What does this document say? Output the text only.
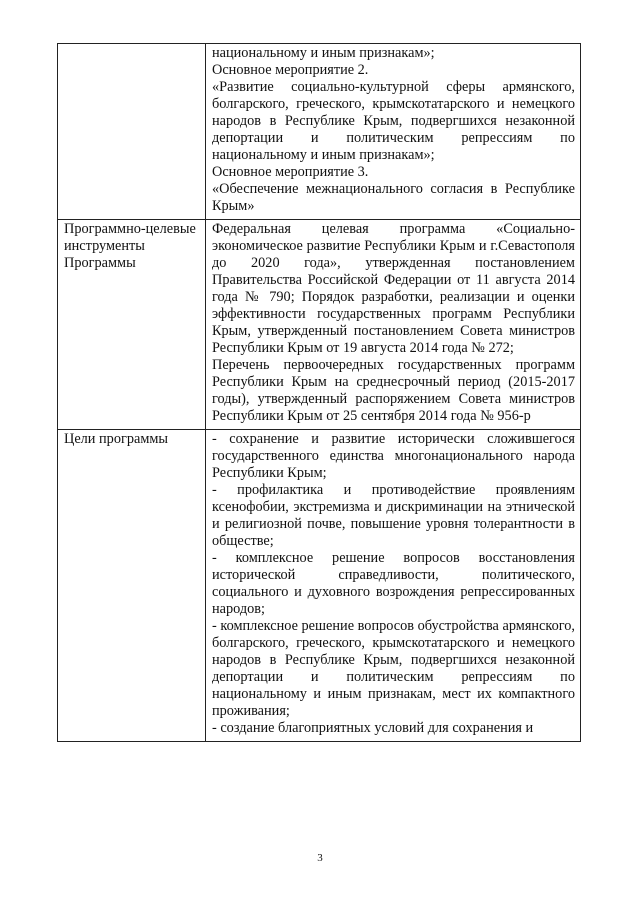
	национальному и иным признакам»;

Основное мероприятие 2.

«Развитие социально-культурной сферы армянского, болгарского, греческого, крымскотатарского и немецкого народов в Республике Крым, подвергшихся незаконной депортации и политическим репрессиям по национальному и иным признакам»;

Основное мероприятие 3.

«Обеспечение межнационального согласия в Республике Крым»

Программно-целевые инструменты Программы	Федеральная целевая программа «Социально-экономическое развитие Республики Крым и г.Севастополя до 2020 года», утвержденная постановлением Правительства Российской Федерации от 11 августа 2014 года № 790; Порядок разработки, реализации и оценки эффективности государственных программ Республики Крым, утвержденный постановлением Совета министров Республики Крым от 19 августа 2014 года № 272;

Перечень первоочередных государственных программ Республики Крым на среднесрочный период (2015-2017 годы), утвержденный распоряжением Совета министров Республики Крым от 25 сентября 2014 года № 956-р

Цели программы	- сохранение и развитие исторически сложившегося государственного единства многонационального народа Республики Крым;

- профилактика и противодействие проявлениям ксенофобии, экстремизма и дискриминации на этнической и религиозной почве, повышение уровня толерантности в обществе;

- комплексное решение вопросов восстановления исторической справедливости, политического, социального и духовного возрождения репрессированных народов;

- комплексное решение вопросов обустройства армянского, болгарского, греческого, крымскотатарского и немецкого народов в Республике Крым, подвергшихся незаконной депортации и политическим репрессиям по национальному и иным признакам, мест их компактного проживания;

- создание благоприятных условий для сохранения и

3
